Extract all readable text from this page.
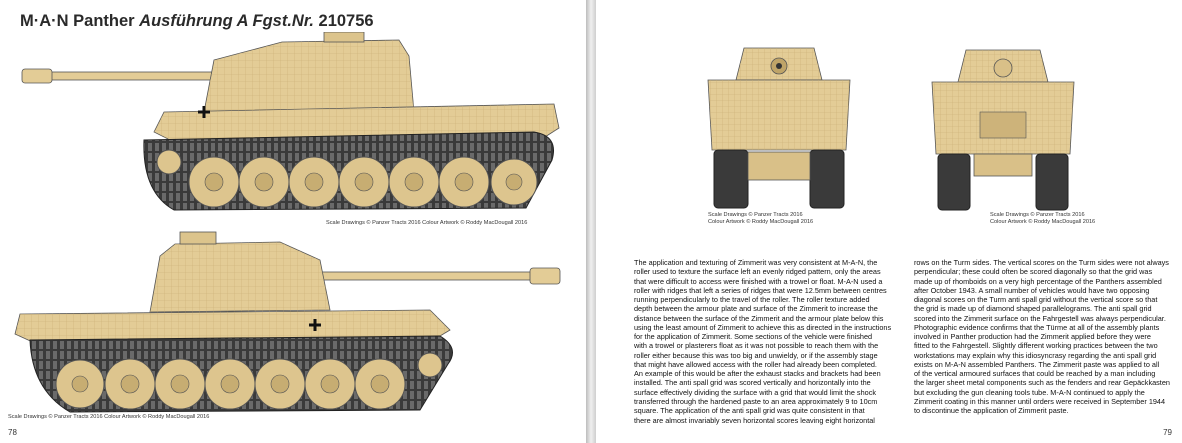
M·A·N Panther Ausführung A Fgst.Nr. 210756
Scale Drawings © Panzer Tracts 2016 Colour Artwork © Roddy MacDougall 2016
Scale Drawings © Panzer Tracts 2016 Colour Artwork © Roddy MacDougall 2016
78
Scale Drawings © Panzer Tracts 2016
Colour Artwork © Roddy MacDougall 2016
Scale Drawings © Panzer Tracts 2016
Colour Artwork © Roddy MacDougall 2016

The application and texturing of Zimmerit was very consistent at M-A-N, the
roller used to texture the surface left an evenly ridged pattern, only the areas
that were difficult to access were finished with a trowel or float. M-A-N used a
roller with ridges that left a series of ridges that were 12.5mm between centres
running perpendicularly to the travel of the roller. The roller texture added
depth between the armour plate and surface of the Zimmerit to increase the
distance between the surface of the Zimmerit and the armour plate below this
using the least amount of Zimmerit to achieve this as directed in the instructions
for the application of Zimmerit. Some sections of the vehicle were finished
with a trowel or plasterers float as it was not possible to reach them with the
roller either because this was too big and unwieldy, or if the assembly stage
that might have allowed access with the roller had already been completed.
An example of this would be after the exhaust stacks and brackets had been
installed. The anti spall grid was scored vertically and horizontally into the
surface effectively dividing the surface with a grid that would limit the shock
transferred through the hardened paste to an area approximately 9 to 10cm
square. The application of the anti spall grid was quite consistent in that
there are almost invariably seven horizontal scores leaving eight horizontal

rows on the Turm sides. The vertical scores on the Turm sides were not always
perpendicular; these could often be scored diagonally so that the grid was
made up of rhomboids on a very high percentage of the Panthers assembled
after October 1943. A small number of vehicles would have two opposing
diagonal scores on the Turm anti spall grid without the vertical score so that
the grid is made up of diamond shaped parallelograms. The anti spall grid
scored into the Zimmerit surface on the Fahrgestell was always perpendicular.
Photographic evidence confirms that the Türme at all of the assembly plants
involved in Panther production had the Zimmerit applied before they were
fitted to the Fahrgestell. Slightly different working practices between the two
workstations may explain why this idiosyncrasy regarding the anti spall grid
exists on M-A-N assembled Panthers. The Zimmerit paste was applied to all
of the vertical armoured surfaces that could be reached by a man including
the larger sheet metal components such as the fenders and rear Gepäckkasten
but excluding the gun cleaning tools tube. M-A-N continued to apply the
Zimmerit coating in this manner until orders were received in September 1944
to discontinue the application of Zimmerit paste.

79
